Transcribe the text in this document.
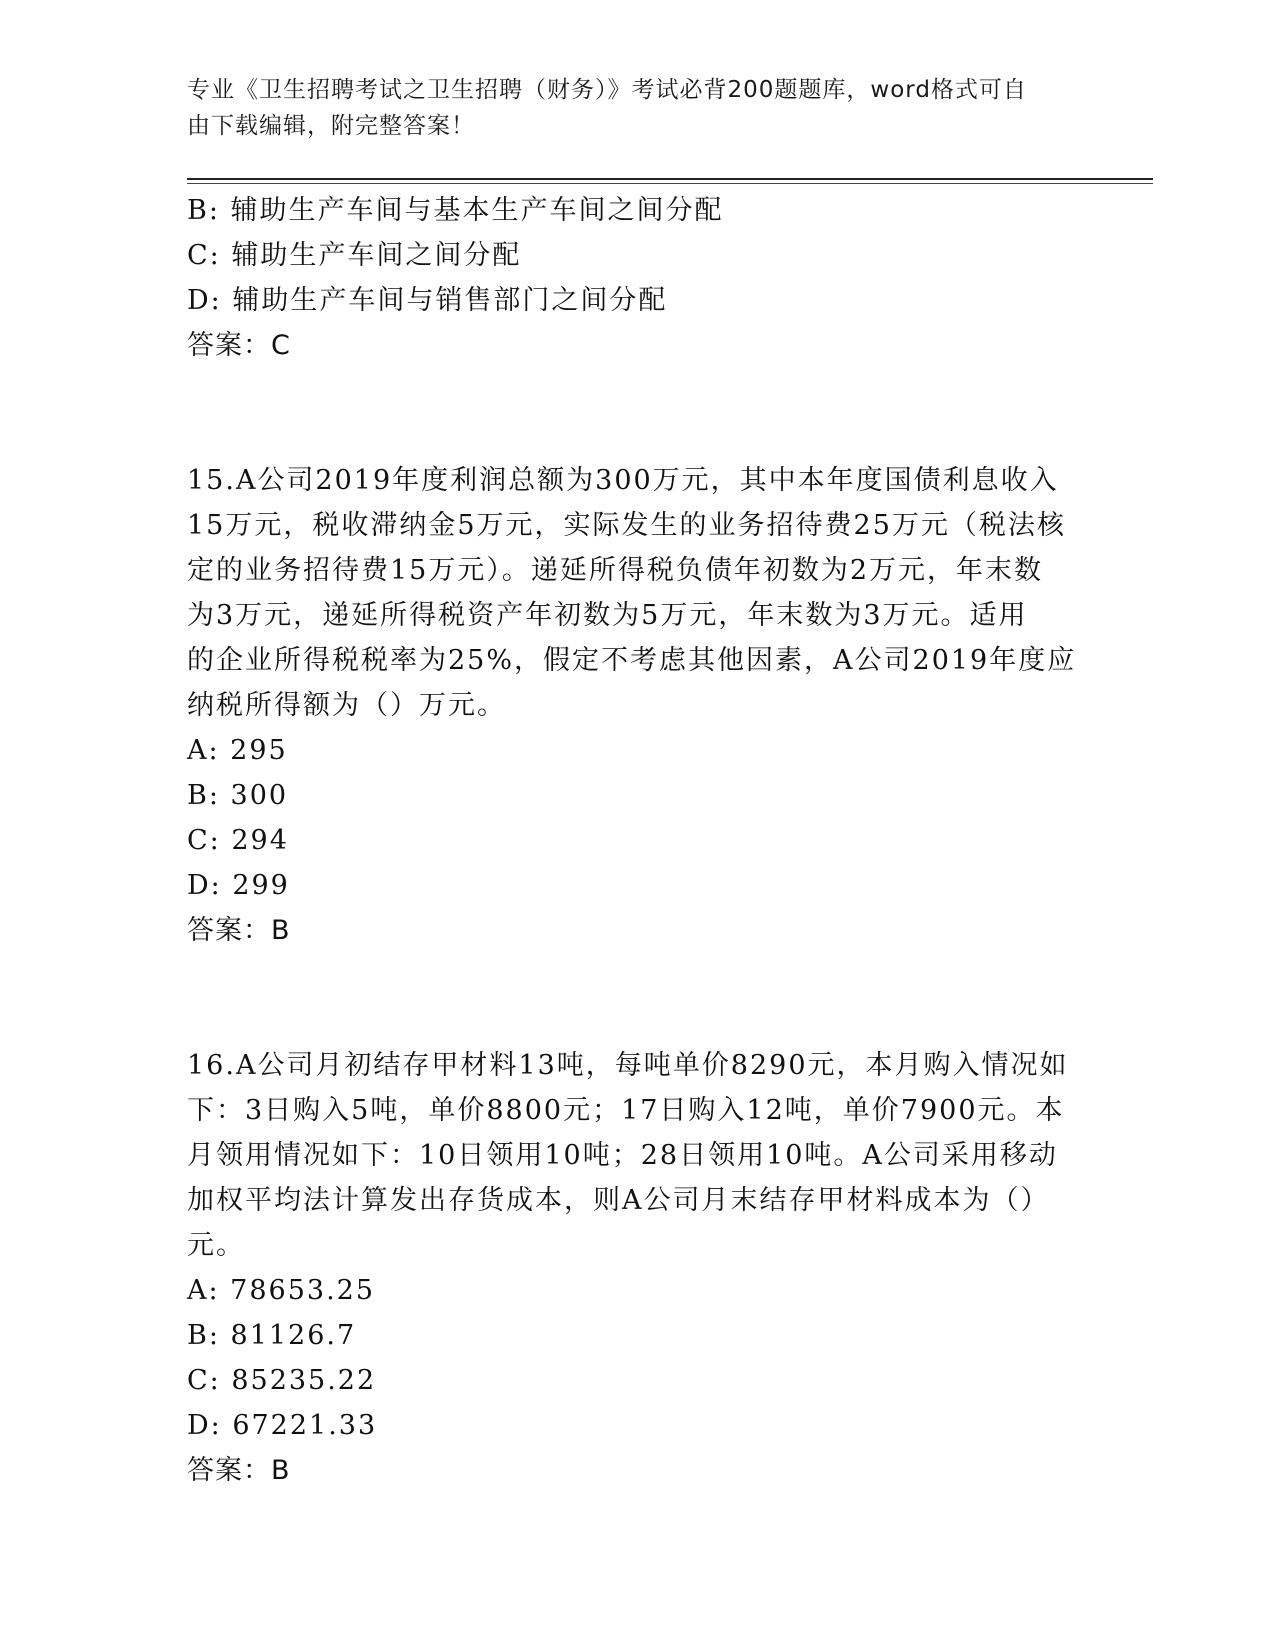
专业《卫生招聘考试之卫生招聘（财务）》考试必背200题题库，word格式可自
由下载编辑，附完整答案！
B: 辅助生产车间与基本生产车间之间分配
C: 辅助生产车间之间分配
D: 辅助生产车间与销售部门之间分配
答案：C
15.A公司2019年度利润总额为300万元，其中本年度国债利息收入
15万元，税收滞纳金5万元，实际发生的业务招待费25万元（税法核
定的业务招待费15万元）。递延所得税负债年初数为2万元，年末数
为3万元，递延所得税资产年初数为5万元，年末数为3万元。适用
的企业所得税税率为25%，假定不考虑其他因素，A公司2019年度应
纳税所得额为（）万元。
A: 295
B: 300
C: 294
D: 299
答案：B
16.A公司月初结存甲材料13吨，每吨单价8290元，本月购入情况如
下：3日购入5吨，单价8800元；17日购入12吨，单价7900元。本
月领用情况如下：10日领用10吨；28日领用10吨。A公司采用移动
加权平均法计算发出存货成本，则A公司月末结存甲材料成本为（）
元。
A: 78653.25
B: 81126.7
C: 85235.22
D: 67221.33
答案：B
